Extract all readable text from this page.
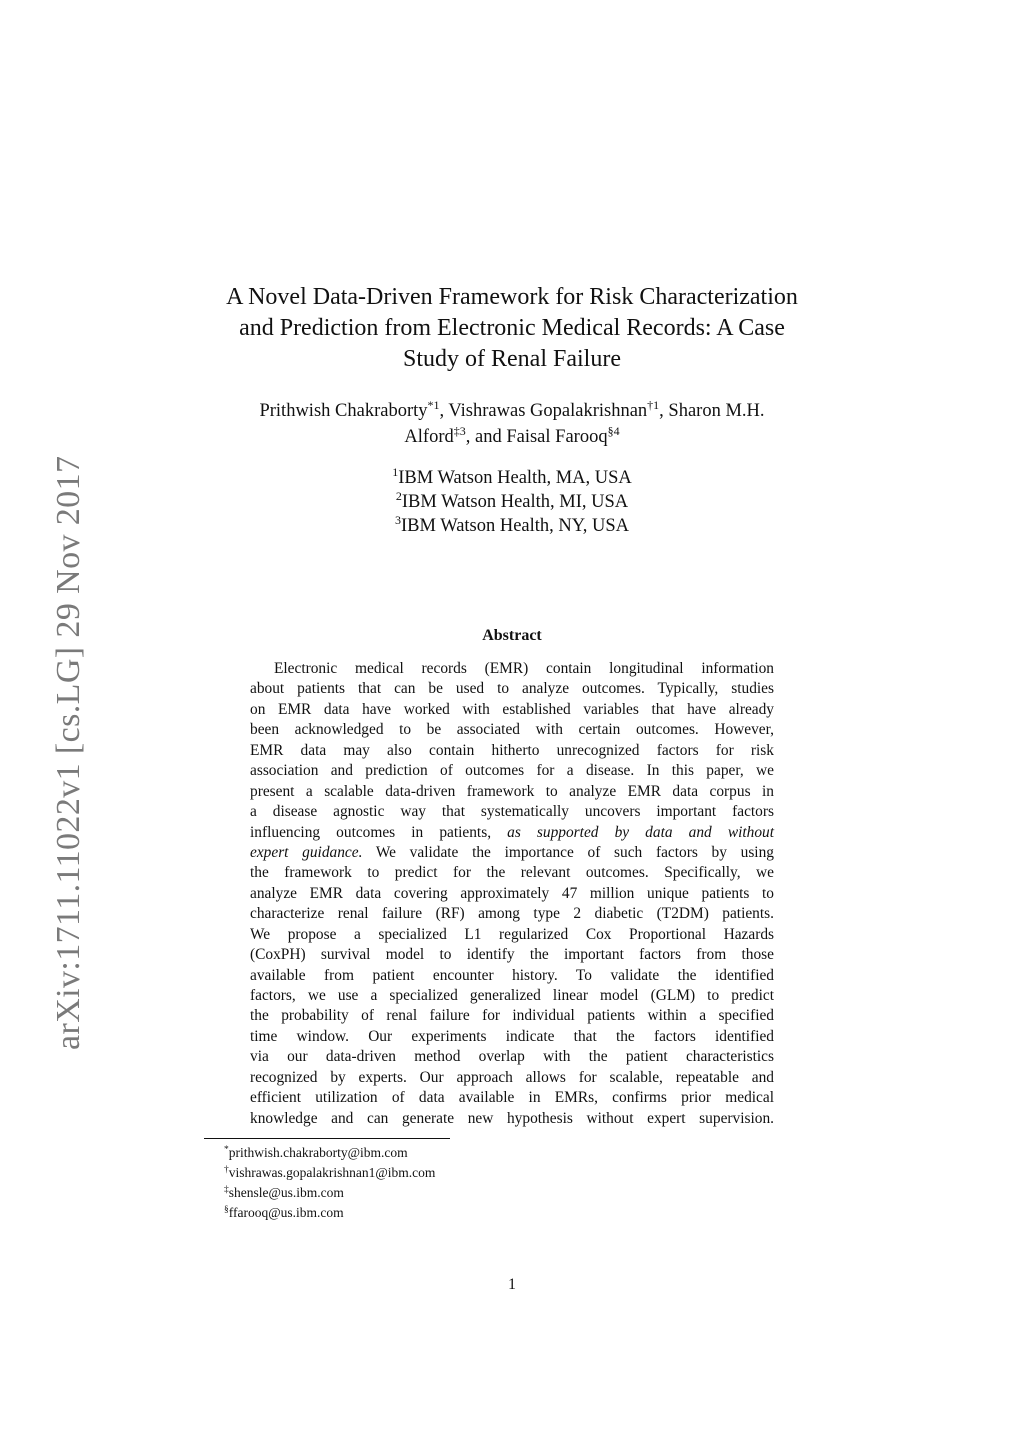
arXiv:1711.11022v1 [cs.LG] 29 Nov 2017
A Novel Data-Driven Framework for Risk Characterization
and Prediction from Electronic Medical Records: A Case
Study of Renal Failure
Prithwish Chakraborty$^{*1}$, Vishrawas Gopalakrishnan$^{\dagger 1}$, Sharon M.H.
Alford$^{\ddagger 3}$, and Faisal Farooq$^{\S 4}$
$^1$IBM Watson Health, MA, USA
$^2$IBM Watson Health, MI, USA
$^3$IBM Watson Health, NY, USA
Abstract
Electronic medical records (EMR) contain longitudinal information
about patients that can be used to analyze outcomes. Typically, studies
on EMR data have worked with established variables that have already
been acknowledged to be associated with certain outcomes. However,
EMR data may also contain hitherto unrecognized factors for risk
association and prediction of outcomes for a disease. In this paper, we
present a scalable data-driven framework to analyze EMR data corpus in
a disease agnostic way that systematically uncovers important factors
influencing outcomes in patients, as supported by data and without
expert guidance. We validate the importance of such factors by using
the framework to predict for the relevant outcomes. Specifically, we
analyze EMR data covering approximately 47 million unique patients to
characterize renal failure (RF) among type 2 diabetic (T2DM) patients.
We propose a specialized L1 regularized Cox Proportional Hazards
(CoxPH) survival model to identify the important factors from those
available from patient encounter history. To validate the identified
factors, we use a specialized generalized linear model (GLM) to predict
the probability of renal failure for individual patients within a specified
time window. Our experiments indicate that the factors identified
via our data-driven method overlap with the patient characteristics
recognized by experts. Our approach allows for scalable, repeatable and
efficient utilization of data available in EMRs, confirms prior medical
knowledge and can generate new hypothesis without expert supervision.
*prithwish.chakraborty@ibm.com
†vishrawas.gopalakrishnan1@ibm.com
‡shensle@us.ibm.com
§ffarooq@us.ibm.com
1
